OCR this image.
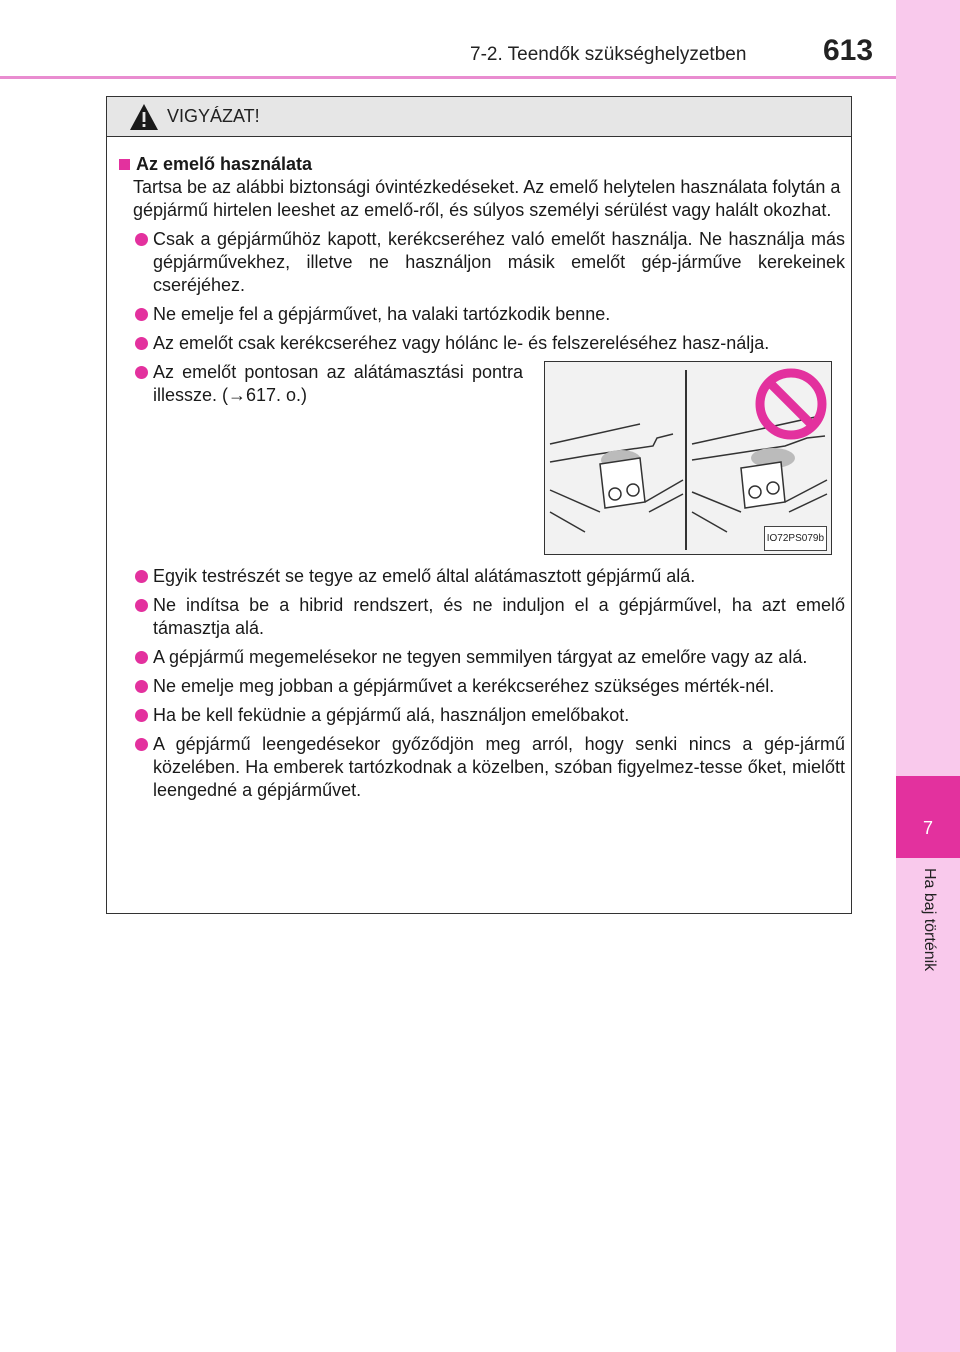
7
Ha baj történik
7-2. Teendők szükséghelyzetben	613
VIGYÁZAT!
Az emelő használata
Tartsa be az alábbi biztonsági óvintézkedéseket. Az emelő helytelen használata folytán a gépjármű hirtelen leeshet az emelő-ről, és súlyos személyi sérülést vagy halált okozhat.
Csak a gépjárműhöz kapott, kerékcseréhez való emelőt használja. Ne használja más gépjárművekhez, illetve ne használjon másik emelőt gép-járműve kerekeinek cseréjéhez.
Ne emelje fel a gépjárművet, ha valaki tartózkodik benne.
Az emelőt csak kerékcseréhez vagy hólánc le- és felszereléséhez hasz-nálja.
Az emelőt pontosan az alátámasztási pontra illessze. (→617. o.)
IO72PS079b
Egyik testrészét se tegye az emelő által alátámasztott gépjármű alá.
Ne indítsa be a hibrid rendszert, és ne induljon el a gépjárművel, ha azt emelő támasztja alá.
A gépjármű megemelésekor ne tegyen semmilyen tárgyat az emelőre vagy az alá.
Ne emelje meg jobban a gépjárművet a kerékcseréhez szükséges mérték-nél.
Ha be kell feküdnie a gépjármű alá, használjon emelőbakot.
A gépjármű leengedésekor győződjön meg arról, hogy senki nincs a gép-jármű közelében. Ha emberek tartózkodnak a közelben, szóban figyelmez-tesse őket, mielőtt leengedné a gépjárművet.
